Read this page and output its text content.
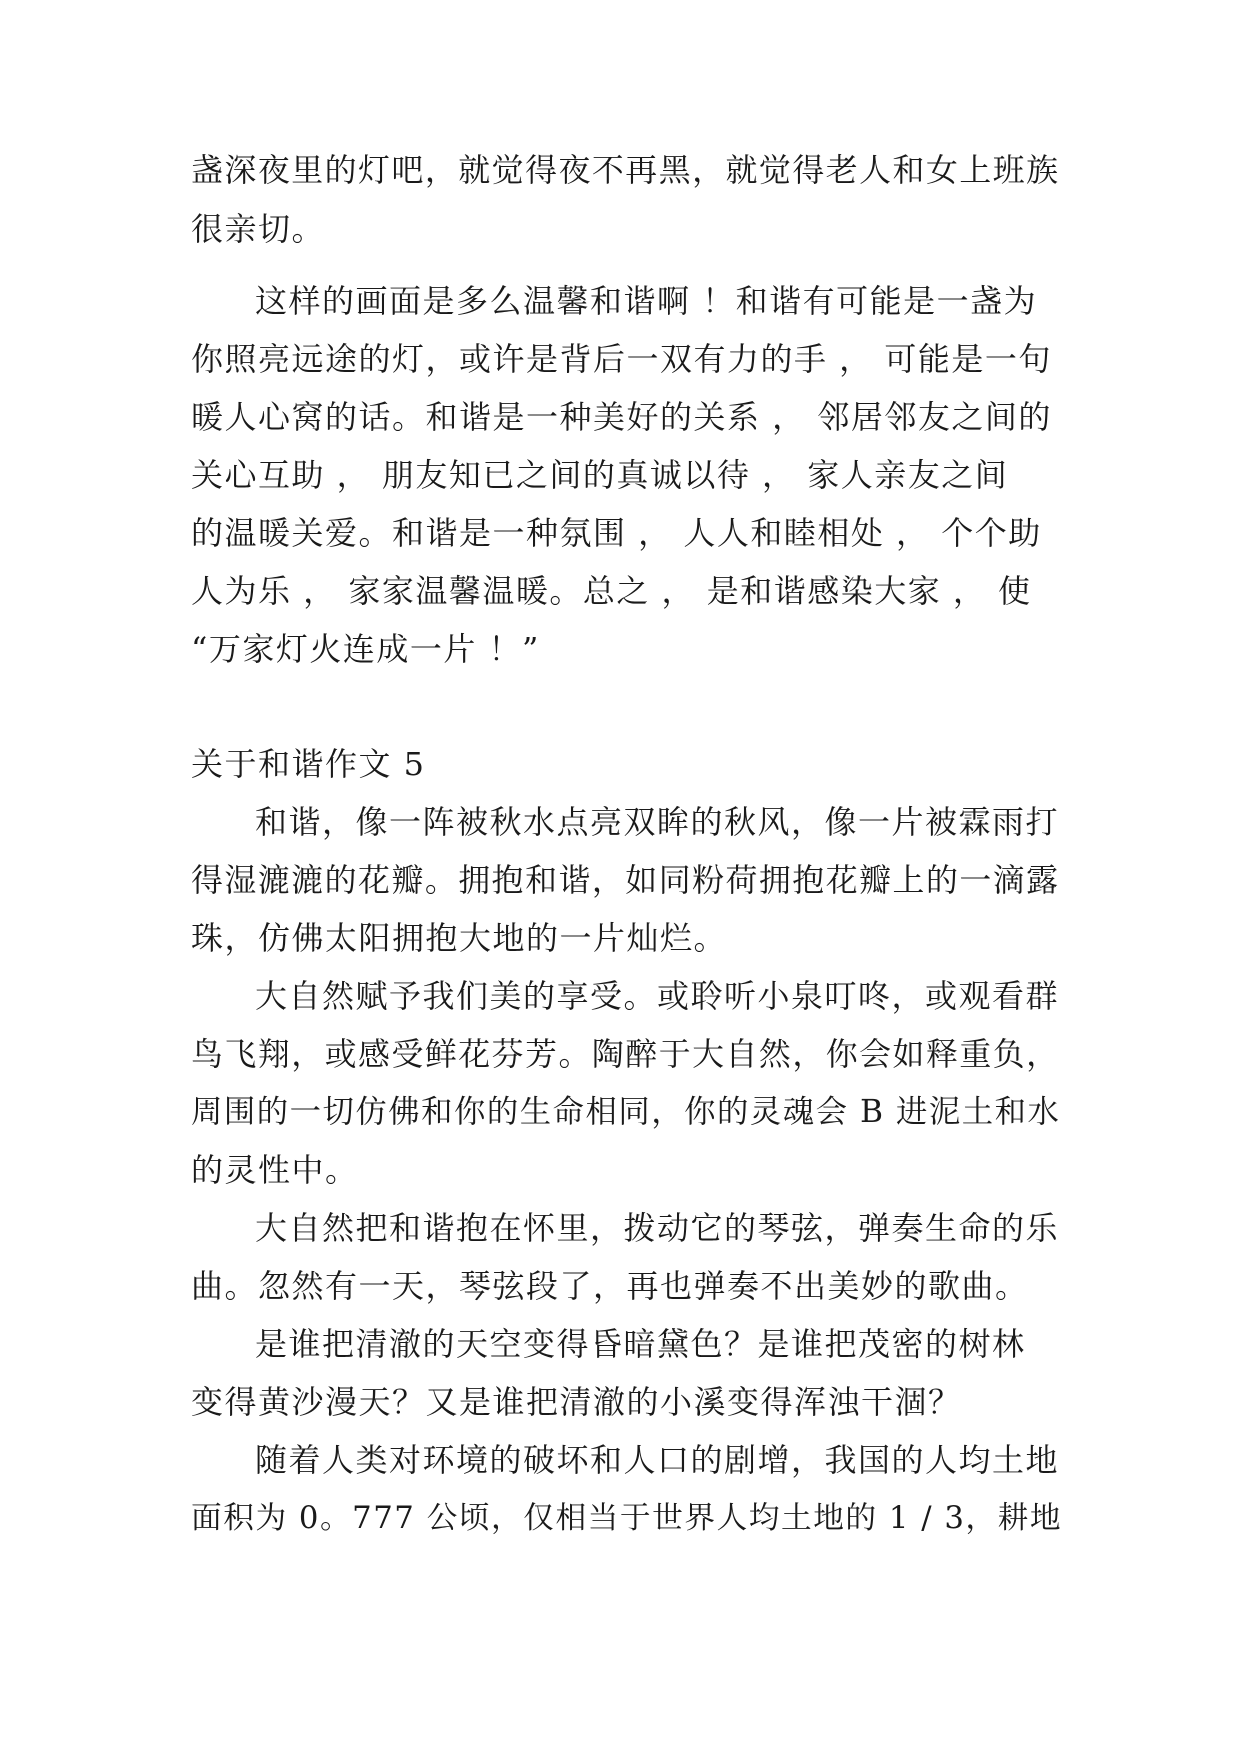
盏深夜里的灯吧，就觉得夜不再黑，就觉得老人和女上班族
很亲切。
这样的画面是多么温馨和谐啊 ！和谐有可能是一盏为
你照亮远途的灯，或许是背后一双有力的手 ， 可能是一句
暖人心窝的话。和谐是一种美好的关系 ， 邻居邻友之间的
关心互助 ， 朋友知已之间的真诚以待 ， 家人亲友之间
的温暖关爱。和谐是一种氛围 ， 人人和睦相处 ， 个个助
人为乐 ， 家家温馨温暖。总之 ， 是和谐感染大家 ， 使
“万家灯火连成一片 ！”
关于和谐作文 5
和谐，像一阵被秋水点亮双眸的秋风，像一片被霖雨打
得湿漉漉的花瓣。拥抱和谐，如同粉荷拥抱花瓣上的一滴露
珠，仿佛太阳拥抱大地的一片灿烂。
大自然赋予我们美的享受。或聆听小泉叮咚，或观看群
鸟飞翔，或感受鲜花芬芳。陶醉于大自然，你会如释重负，
周围的一切仿佛和你的生命相同，你的灵魂会 B 进泥土和水
的灵性中。
大自然把和谐抱在怀里，拨动它的琴弦，弹奏生命的乐
曲。忽然有一天，琴弦段了，再也弹奏不出美妙的歌曲。
是谁把清澈的天空变得昏暗黛色？是谁把茂密的树林
变得黄沙漫天？又是谁把清澈的小溪变得浑浊干涸？
随着人类对环境的破坏和人口的剧增，我国的人均土地
面积为 0。777 公顷，仅相当于世界人均土地的 1 / 3，耕地
